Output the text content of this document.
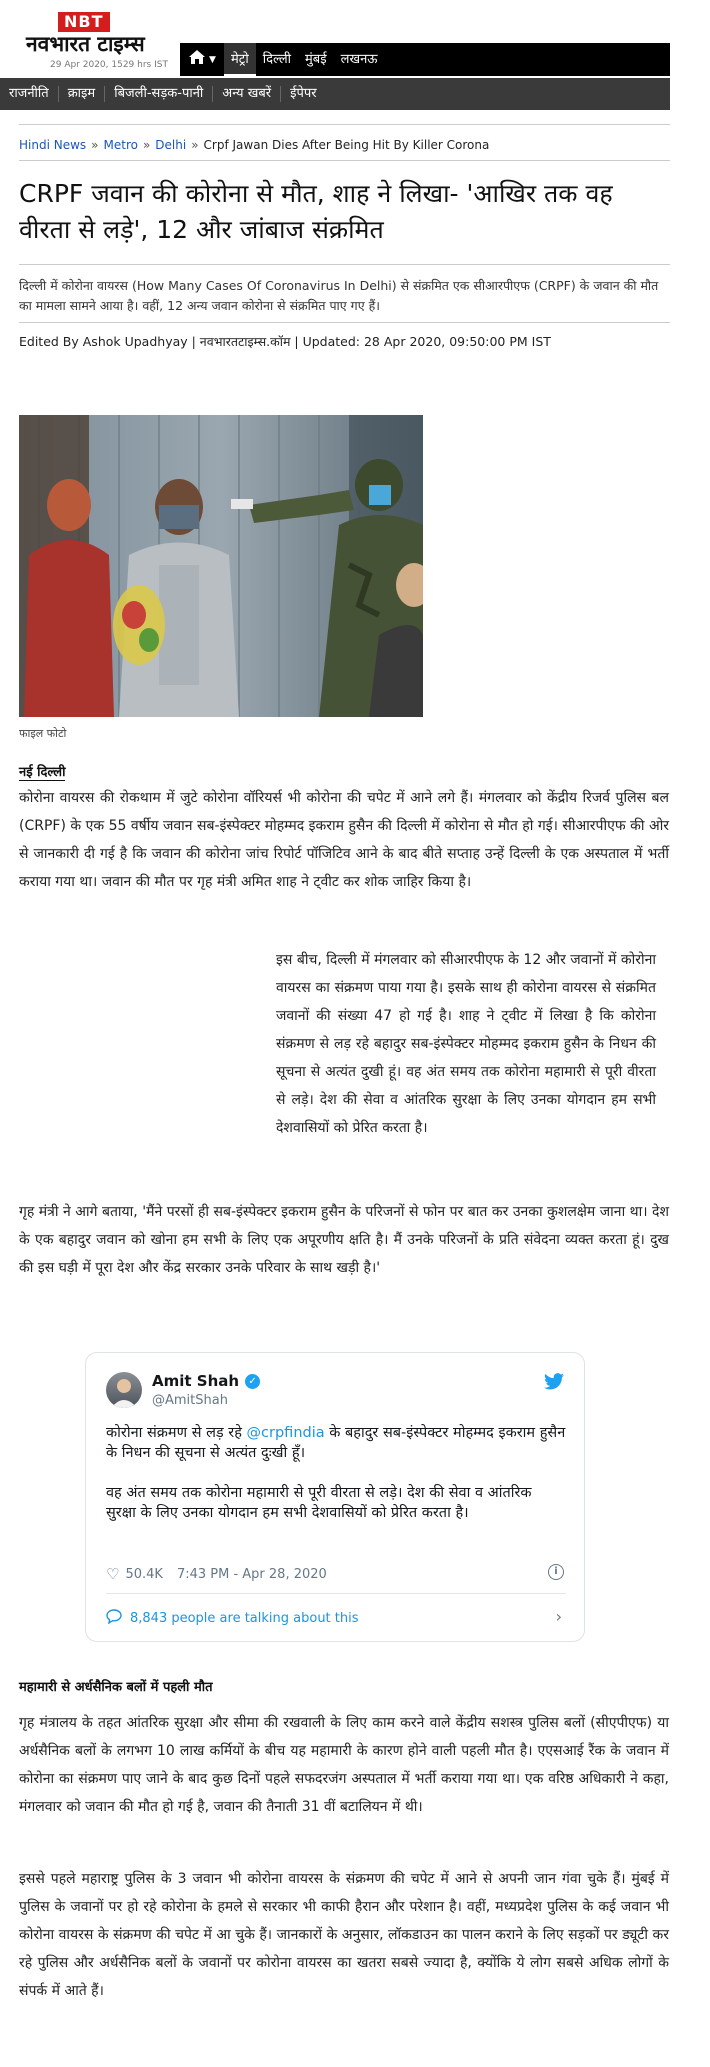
NBT
नवभारत टाइम्स
29 Apr 2020, 1529 hrs IST
▼	मेट्रो	दिल्ली	मुंबई	लखनऊ
राजनीति	क्राइम	बिजली-सड़क-पानी	अन्य खबरें	ईपेपर
Hindi News » Metro » Delhi » Crpf Jawan Dies After Being Hit By Killer Corona
CRPF जवान की कोरोना से मौत, शाह ने लिखा- 'आखिर तक वह वीरता से लड़े', 12 और जांबाज संक्रमित
दिल्ली में कोरोना वायरस (How Many Cases Of Coronavirus In Delhi) से संक्रमित एक सीआरपीएफ (CRPF) के जवान की मौत का मामला सामने आया है। वहीं, 12 अन्य जवान कोरोना से संक्रमित पाए गए हैं।
Edited By Ashok Upadhyay | नवभारतटाइम्स.कॉम | Updated: 28 Apr 2020, 09:50:00 PM IST
फाइल फोटो
नई दिल्ली

कोरोना वायरस की रोकथाम में जुटे कोरोना वॉरियर्स भी कोरोना की चपेट में आने लगे हैं। मंगलवार को केंद्रीय रिजर्व पुलिस बल (CRPF) के एक 55 वर्षीय जवान सब-इंस्पेक्टर मोहम्मद इकराम हुसैन की दिल्ली में कोरोना से मौत हो गई। सीआरपीएफ की ओर से जानकारी दी गई है कि जवान की कोरोना जांच रिपोर्ट पॉजिटिव आने के बाद बीते सप्ताह उन्हें दिल्ली के एक अस्पताल में भर्ती कराया गया था। जवान की मौत पर गृह मंत्री अमित शाह ने ट्वीट कर शोक जाहिर किया है।

इस बीच, दिल्ली में मंगलवार को सीआरपीएफ के 12 और जवानों में कोरोना वायरस का संक्रमण पाया गया है। इसके साथ ही कोरोना वायरस से संक्रमित जवानों की संख्या 47 हो गई है। शाह ने ट्वीट में लिखा है कि कोरोना संक्रमण से लड़ रहे बहादुर सब-इंस्पेक्टर मोहम्मद इकराम हुसैन के निधन की सूचना से अत्यंत दुखी हूं। वह अंत समय तक कोरोना महामारी से पूरी वीरता से लड़े। देश की सेवा व आंतरिक सुरक्षा के लिए उनका योगदान हम सभी देशवासियों को प्रेरित करता है।

गृह मंत्री ने आगे बताया, 'मैंने परसों ही सब-इंस्पेक्टर इकराम हुसैन के परिजनों से फोन पर बात कर उनका कुशलक्षेम जाना था। देश के एक बहादुर जवान को खोना हम सभी के लिए एक अपूरणीय क्षति है। मैं उनके परिजनों के प्रति संवेदना व्यक्त करता हूं। दुख की इस घड़ी में पूरा देश और केंद्र सरकार उनके परिवार के साथ खड़ी है।'

Amit Shah ✓
@AmitShah

कोरोना संक्रमण से लड़ रहे @crpfindia के बहादुर सब-इंस्पेक्टर मोहम्मद इकराम हुसैन के निधन की सूचना से अत्यंत दुःखी हूँ।

वह अंत समय तक कोरोना महामारी से पूरी वीरता से लड़े। देश की सेवा व आंतरिक सुरक्षा के लिए उनका योगदान हम सभी देशवासियों को प्रेरित करता है।

♡ 50.4K 7:43 PM - Apr 28, 2020	i
8,843 people are talking about this	›
महामारी से अर्धसैनिक बलों में पहली मौत

गृह मंत्रालय के तहत आंतरिक सुरक्षा और सीमा की रखवाली के लिए काम करने वाले केंद्रीय सशस्त्र पुलिस बलों (सीएपीएफ) या अर्धसैनिक बलों के लगभग 10 लाख कर्मियों के बीच यह महामारी के कारण होने वाली पहली मौत है। एएसआई रैंक के जवान में कोरोना का संक्रमण पाए जाने के बाद कुछ दिनों पहले सफदरजंग अस्पताल में भर्ती कराया गया था। एक वरिष्ठ अधिकारी ने कहा, मंगलवार को जवान की मौत हो गई है, जवान की तैनाती 31 वीं बटालियन में थी।

इससे पहले महाराष्ट्र पुलिस के 3 जवान भी कोरोना वायरस के संक्रमण की चपेट में आने से अपनी जान गंवा चुके हैं। मुंबई में पुलिस के जवानों पर हो रहे कोरोना के हमले से सरकार भी काफी हैरान और परेशान है। वहीं, मध्यप्रदेश पुलिस के कई जवान भी कोरोना वायरस के संक्रमण की चपेट में आ चुके हैं। जानकारों के अनुसार, लॉकडाउन का पालन कराने के लिए सड़कों पर ड्यूटी कर रहे पुलिस और अर्धसैनिक बलों के जवानों पर कोरोना वायरस का खतरा सबसे ज्यादा है, क्योंकि ये लोग सबसे अधिक लोगों के संपर्क में आते हैं।
